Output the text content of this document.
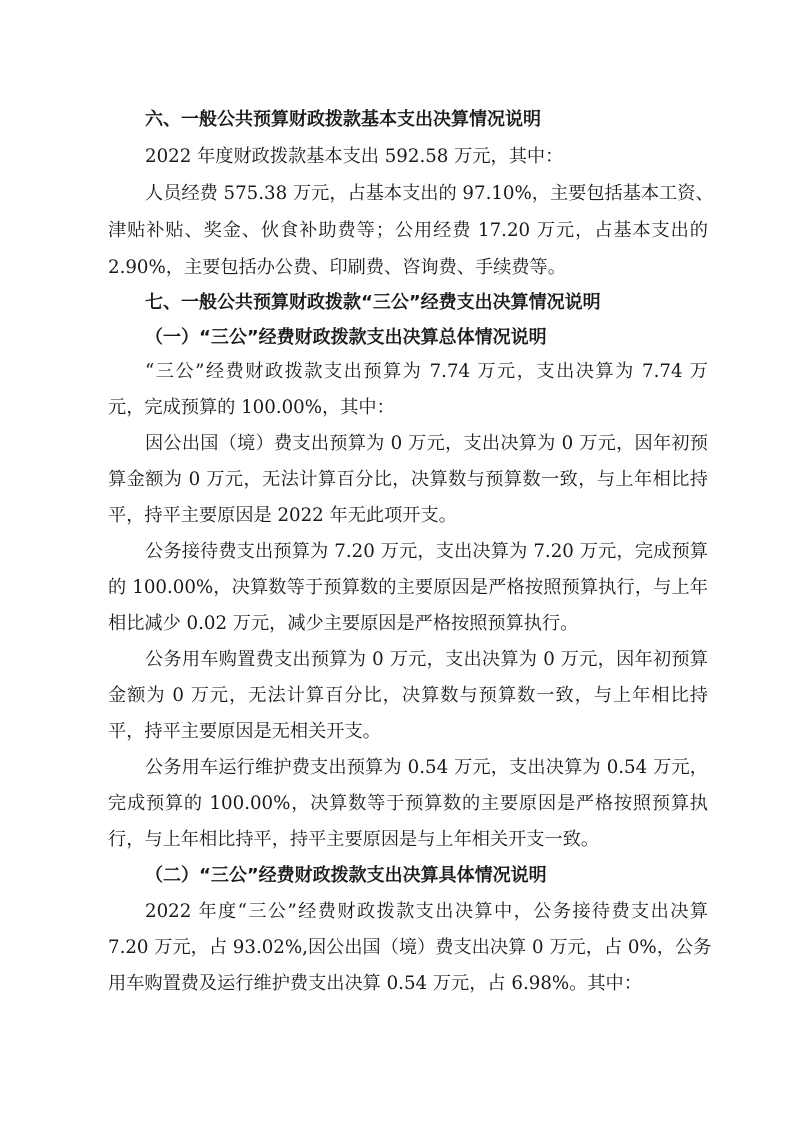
六、一般公共预算财政拨款基本支出决算情况说明
2022 年度财政拨款基本支出 592.58 万元，其中：
人员经费 575.38 万元，占基本支出的 97.10%，主要包括基本工资、
津贴补贴、奖金、伙食补助费等；公用经费 17.20 万元，占基本支出的
2.90%，主要包括办公费、印刷费、咨询费、手续费等。
七、一般公共预算财政拨款“三公”经费支出决算情况说明
（一）“三公”经费财政拨款支出决算总体情况说明
“三公”经费财政拨款支出预算为 7.74 万元，支出决算为 7.74 万
元，完成预算的 100.00%，其中：
因公出国（境）费支出预算为 0 万元，支出决算为 0 万元，因年初预
算金额为 0 万元，无法计算百分比，决算数与预算数一致，与上年相比持
平，持平主要原因是 2022 年无此项开支。
公务接待费支出预算为 7.20 万元，支出决算为 7.20 万元，完成预算
的 100.00%，决算数等于预算数的主要原因是严格按照预算执行，与上年
相比减少 0.02 万元，减少主要原因是严格按照预算执行。
公务用车购置费支出预算为 0 万元，支出决算为 0 万元，因年初预算
金额为 0 万元，无法计算百分比，决算数与预算数一致，与上年相比持
平，持平主要原因是无相关开支。
公务用车运行维护费支出预算为 0.54 万元，支出决算为 0.54 万元，
完成预算的 100.00%，决算数等于预算数的主要原因是严格按照预算执
行，与上年相比持平，持平主要原因是与上年相关开支一致。
（二）“三公”经费财政拨款支出决算具体情况说明
2022 年度“三公”经费财政拨款支出决算中，公务接待费支出决算
7.20 万元，占 93.02%,因公出国（境）费支出决算 0 万元，占 0%，公务
用车购置费及运行维护费支出决算 0.54 万元，占 6.98%。其中：
